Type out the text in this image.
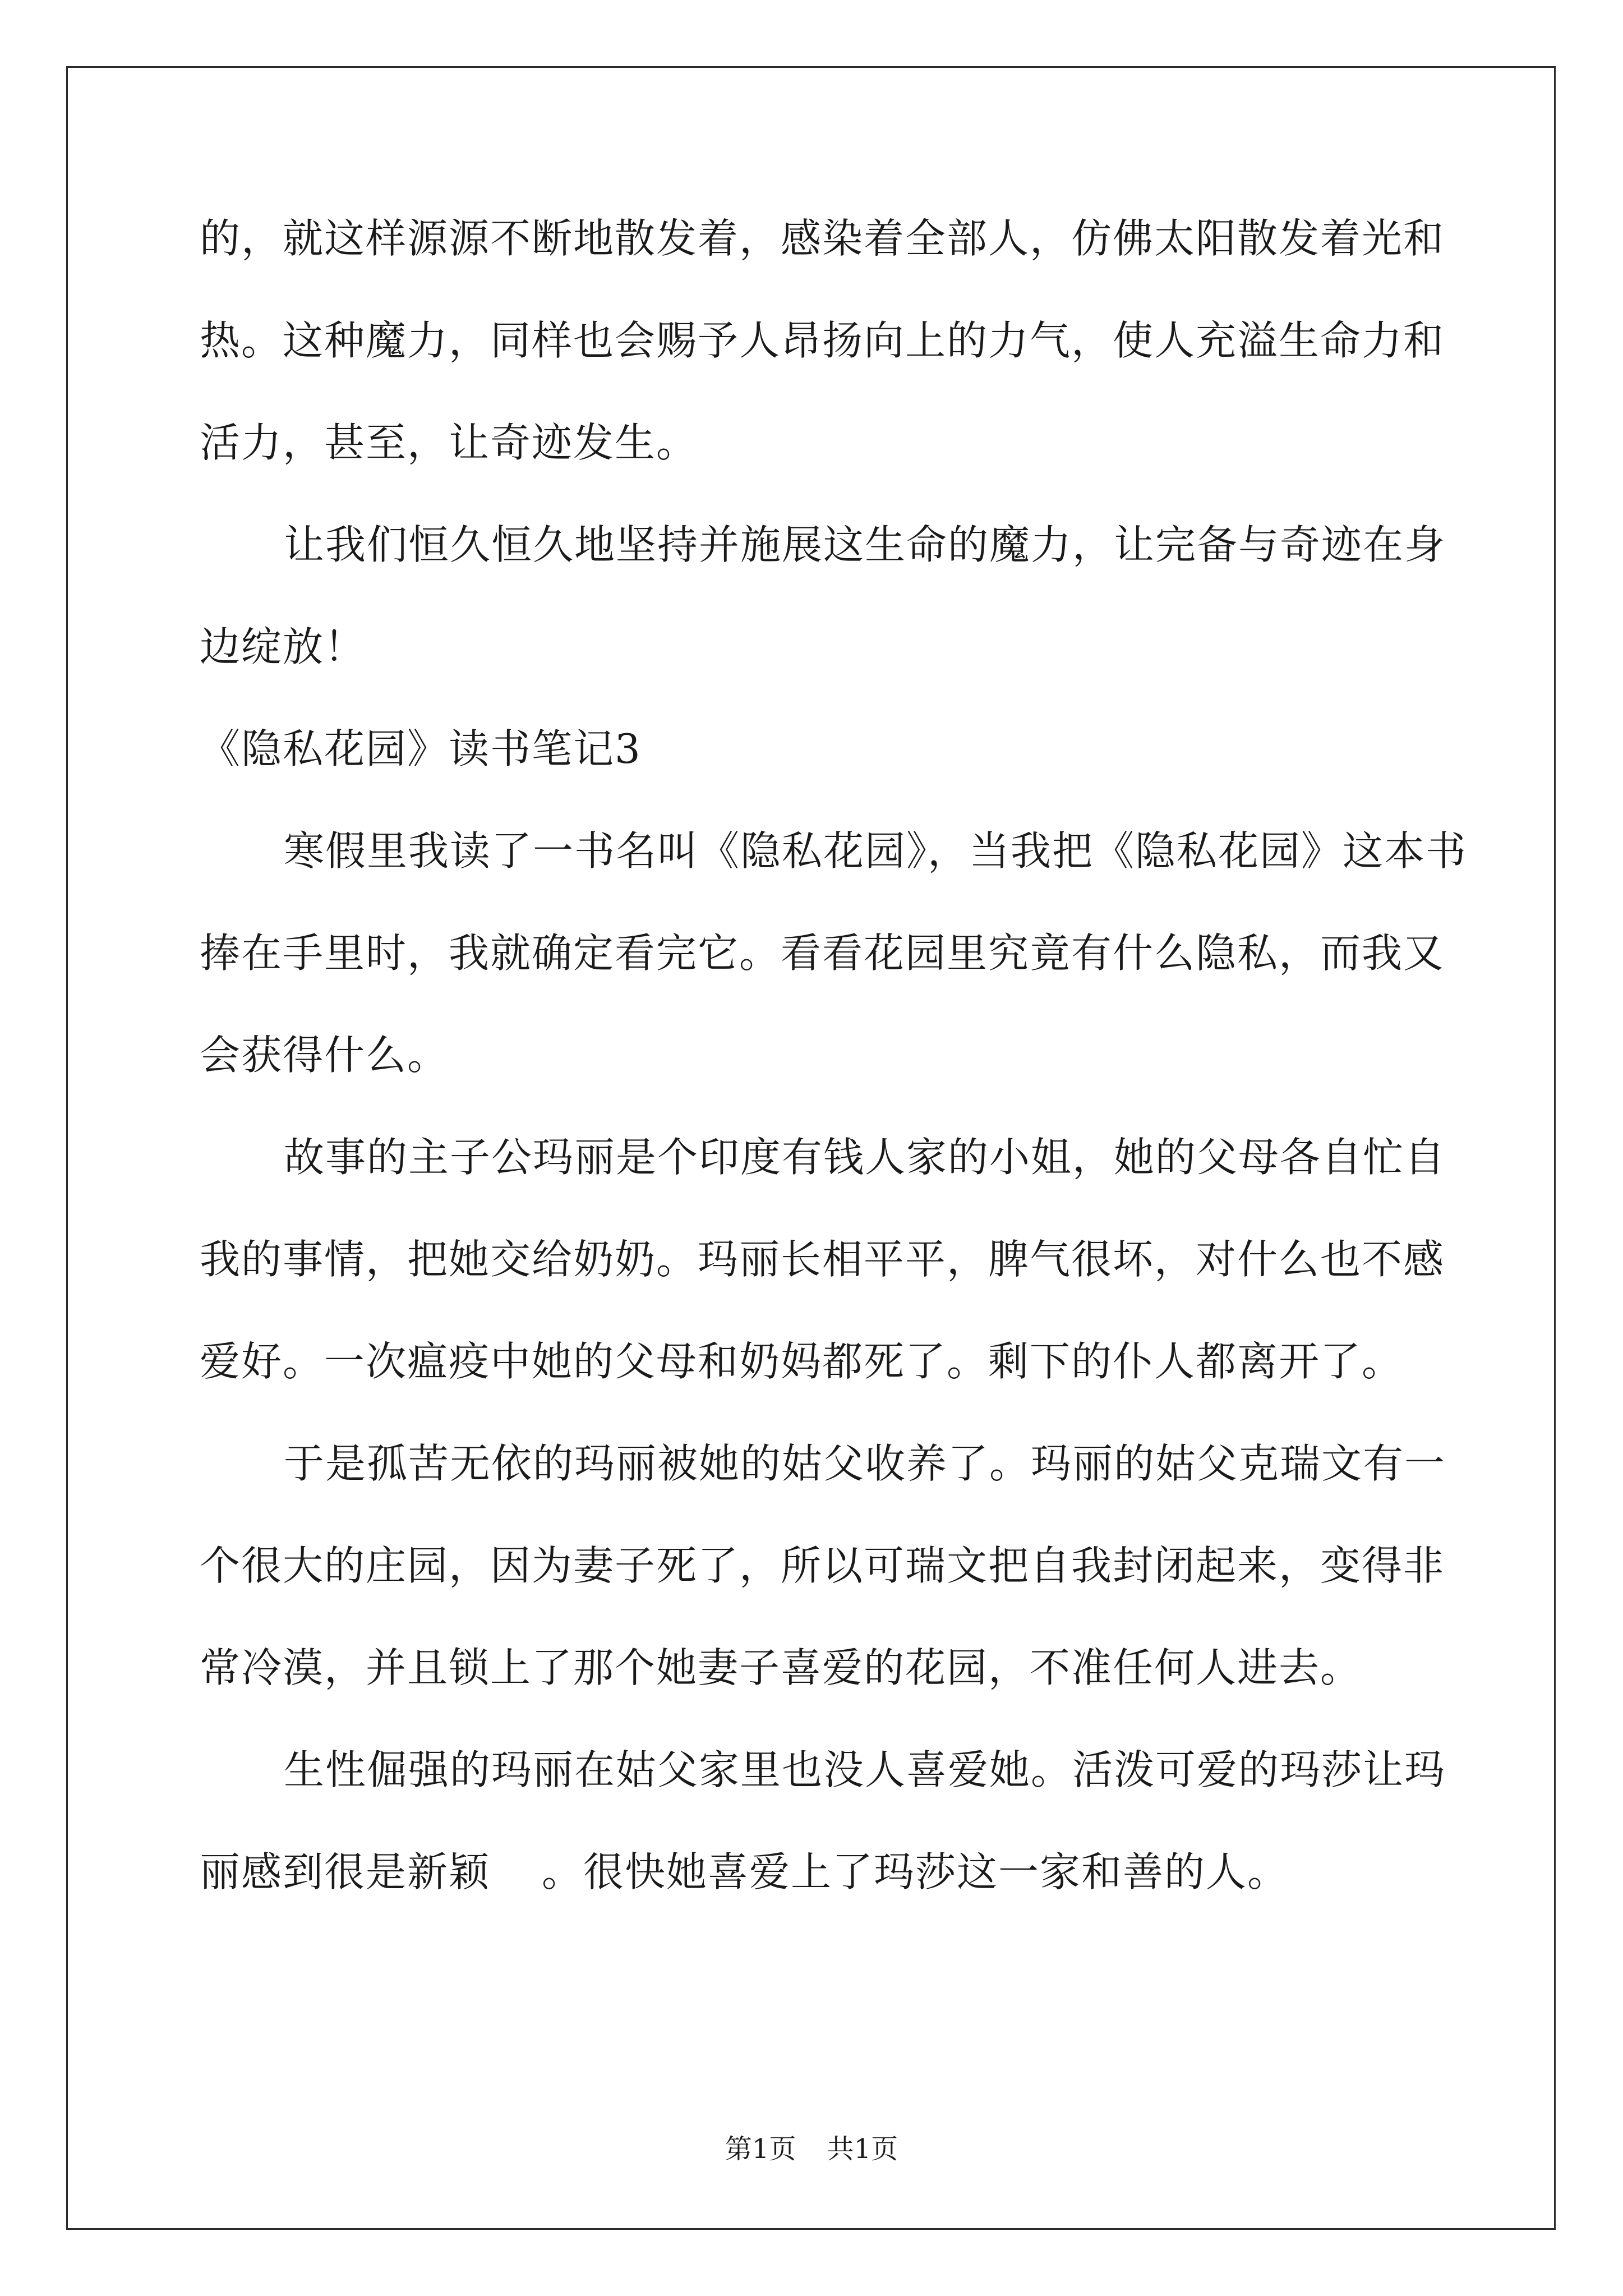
的，就这样源源不断地散发着，感染着全部人，仿佛太阳散发着光和
热。这种魔力，同样也会赐予人昂扬向上的力气，使人充溢生命力和
活力，甚至，让奇迹发生。
让我们恒久恒久地坚持并施展这生命的魔力，让完备与奇迹在身
边绽放！
《隐私花园》读书笔记3
寒假里我读了一书名叫《隐私花园》，当我把《隐私花园》这本书
捧在手里时，我就确定看完它。看看花园里究竟有什么隐私，而我又
会获得什么。
故事的主子公玛丽是个印度有钱人家的小姐，她的父母各自忙自
我的事情，把她交给奶奶。玛丽长相平平，脾气很坏，对什么也不感
爱好。一次瘟疫中她的父母和奶妈都死了。剩下的仆人都离开了。
于是孤苦无依的玛丽被她的姑父收养了。玛丽的姑父克瑞文有一
个很大的庄园，因为妻子死了，所以可瑞文把自我封闭起来，变得非
常冷漠，并且锁上了那个她妻子喜爱的花园，不准任何人进去。
生性倔强的玛丽在姑父家里也没人喜爱她。活泼可爱的玛莎让玛
丽感到很是新颖 。很快她喜爱上了玛莎这一家和善的人。
第1页 共1页
